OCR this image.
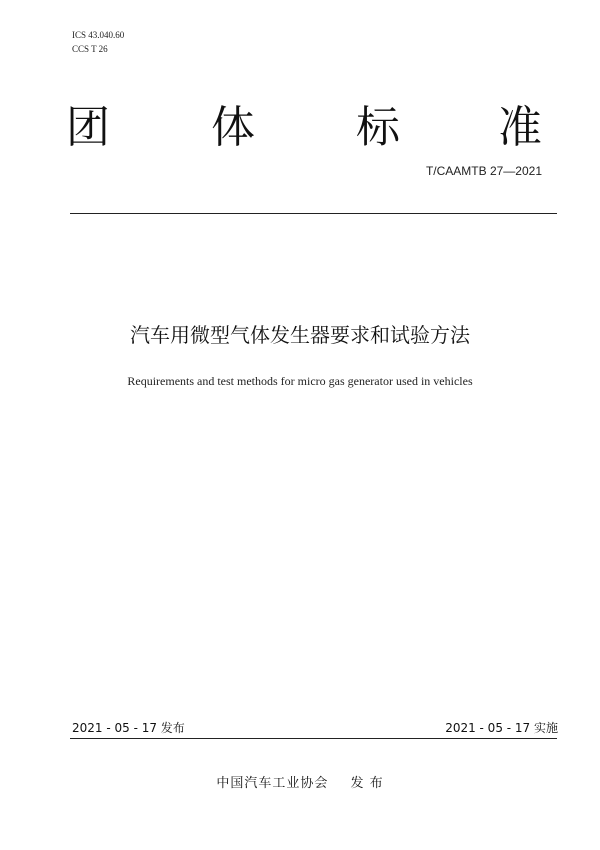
ICS 43.040.60
CCS T 26
团 体 标 准
T/CAAMTB 27—2021
汽车用微型气体发生器要求和试验方法
Requirements and test methods for micro gas generator used in vehicles
2021 - 05 - 17 发布	2021 - 05 - 17 实施
中国汽车工业协会 发 布
